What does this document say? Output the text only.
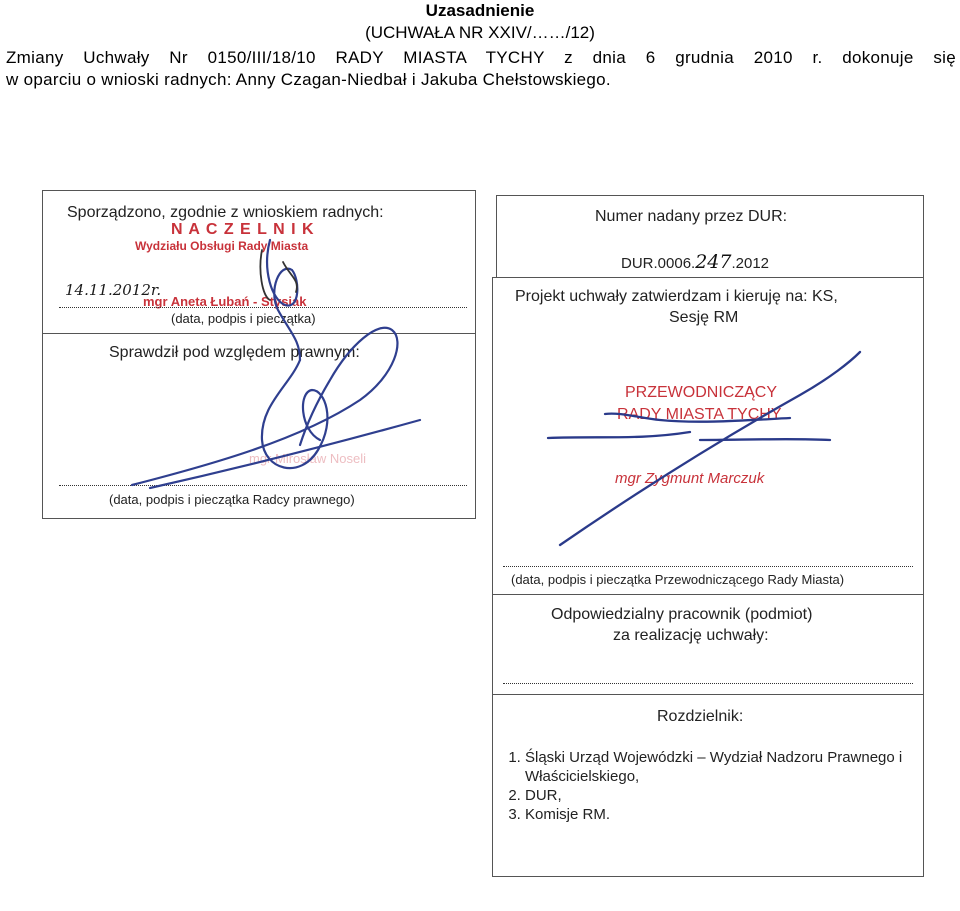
Uzasadnienie
(UCHWAŁA NR XXIV/……/12)
Zmiany Uchwały Nr 0150/III/18/10 RADY MIASTA TYCHY z dnia 6 grudnia 2010 r. dokonuje się
w oparciu o wnioski radnych: Anny Czagan-Niedbał i Jakuba Chełstowskiego.
Sporządzono, zgodnie z wnioskiem radnych:
N A C Z E L N I K
Wydziału Obsługi Rady Miasta
14.11.2012r.
mgr Aneta Łubań - Stysiak
(data, podpis i pieczątka)
Sprawdził pod względem prawnym:
mgr Mirosław Noseli
(data, podpis i pieczątka Radcy prawnego)
Numer nadany przez DUR:
DUR.0006.247.2012
Projekt uchwały zatwierdzam i kieruję na: KS,
Sesję RM
PRZEWODNICZĄCY
RADY MIASTA TYCHY
mgr Zygmunt Marczuk
(data, podpis i pieczątka Przewodniczącego Rady Miasta)
Odpowiedzialny pracownik (podmiot)
za realizację uchwały:
Rozdzielnik:
1. Śląski Urząd Wojewódzki – Wydział Nadzoru Prawnego i Właścicielskiego,
2. DUR,
3. Komisje RM.
